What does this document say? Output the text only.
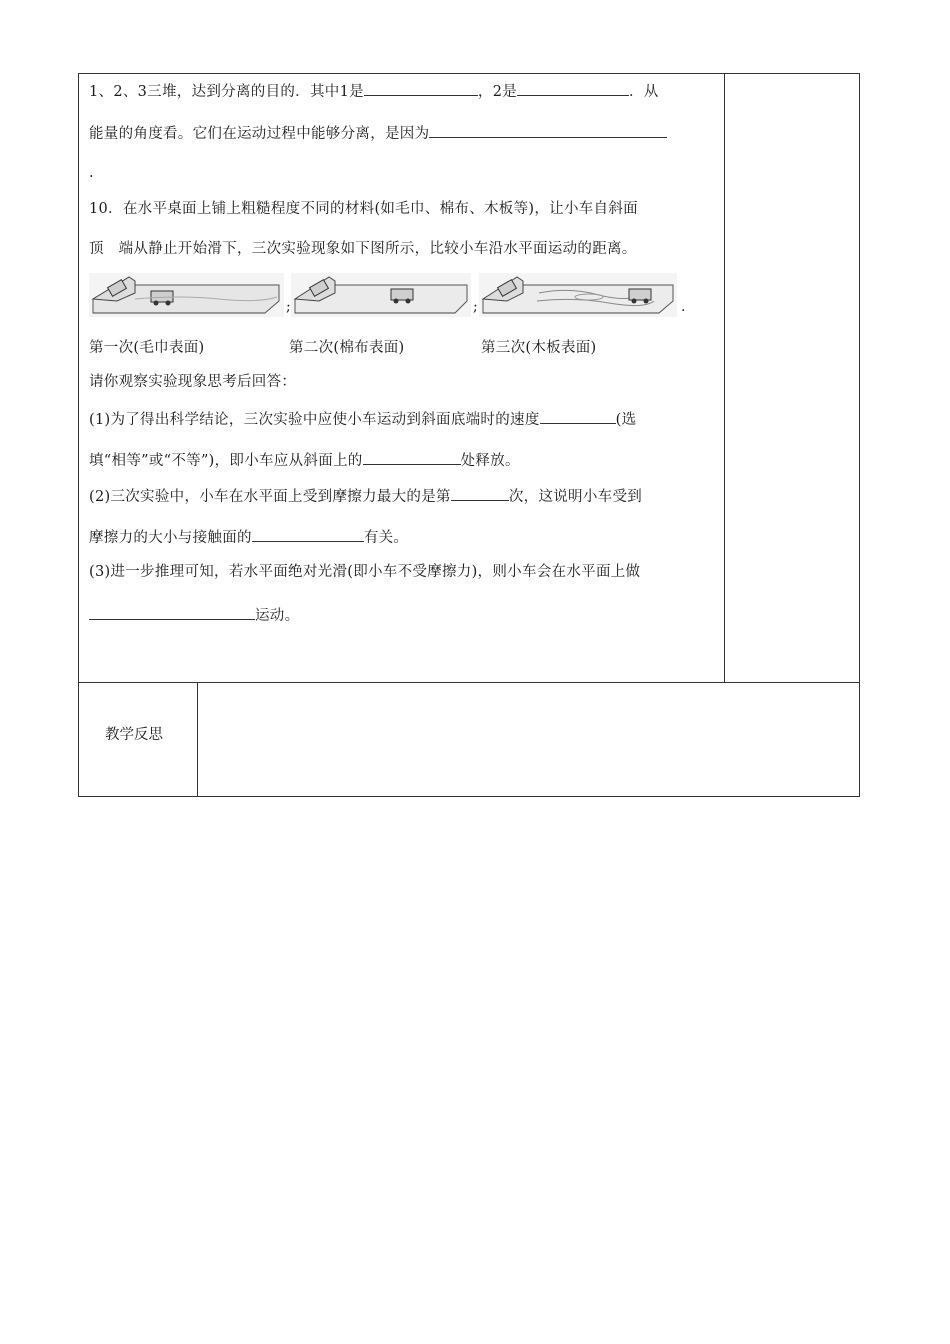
1、2、3三堆，达到分离的目的．其中1是	，2是	．从
能量的角度看。它们在运动过程中能够分离，是因为
.
10．在水平桌面上铺上粗糙程度不同的材料(如毛巾、棉布、木板等)，让小车自斜面
顶　端从静止开始滑下，三次实验现象如下图所示，比较小车沿水平面运动的距离。
;	;	.
第一次(毛巾表面)	第二次(棉布表面)	第三次(木板表面)
请你观察实验现象思考后回答：
(1)为了得出科学结论，三次实验中应使小车运动到斜面底端时的速度	(选
填“相等”或“不等”)，即小车应从斜面上的	处释放。
(2)三次实验中，小车在水平面上受到摩擦力最大的是第	次，这说明小车受到
摩擦力的大小与接触面的	有关。
(3)进一步推理可知，若水平面绝对光滑(即小车不受摩擦力)，则小车会在水平面上做
运动。
教学反思
